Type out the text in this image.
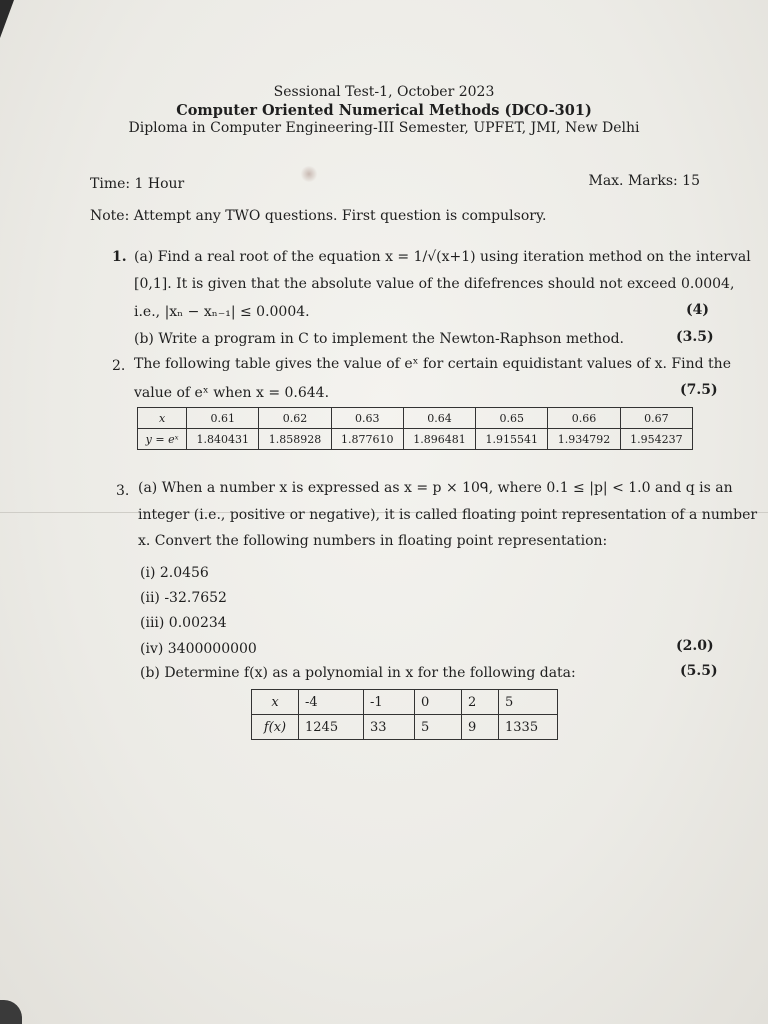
Sessional Test-1, October 2023
Computer Oriented Numerical Methods (DCO-301)
Diploma in Computer Engineering-III Semester, UPFET, JMI, New Delhi
Time: 1 Hour	Max. Marks: 15
Note: Attempt any TWO questions. First question is compulsory.
1. (a) Find a real root of the equation x = 1/√(x+1) using iteration method on the interval
[0,1]. It is given that the absolute value of the difefrences should not exceed 0.0004,
i.e., |xₙ − xₙ₋₁| ≤ 0.0004.	(4)
(b) Write a program in C to implement the Newton-Raphson method.	(3.5)
2. The following table gives the value of eˣ for certain equidistant values of x. Find the
value of eˣ when x = 0.644.	(7.5)
x	0.61	0.62	0.63	0.64	0.65	0.66	0.67
y = eˣ	1.840431	1.858928	1.877610	1.896481	1.915541	1.934792	1.954237
3. (a) When a number x is expressed as x = p × 10ᑫ, where 0.1 ≤ |p| < 1.0 and q is an
integer (i.e., positive or negative), it is called floating point representation of a number
x. Convert the following numbers in floating point representation:
(i) 2.0456
(ii) -32.7652
(iii) 0.00234
(iv) 3400000000	(2.0)
(b) Determine f(x) as a polynomial in x for the following data:	(5.5)
x	-4	-1	0	2	5
f(x)	1245	33	5	9	1335
